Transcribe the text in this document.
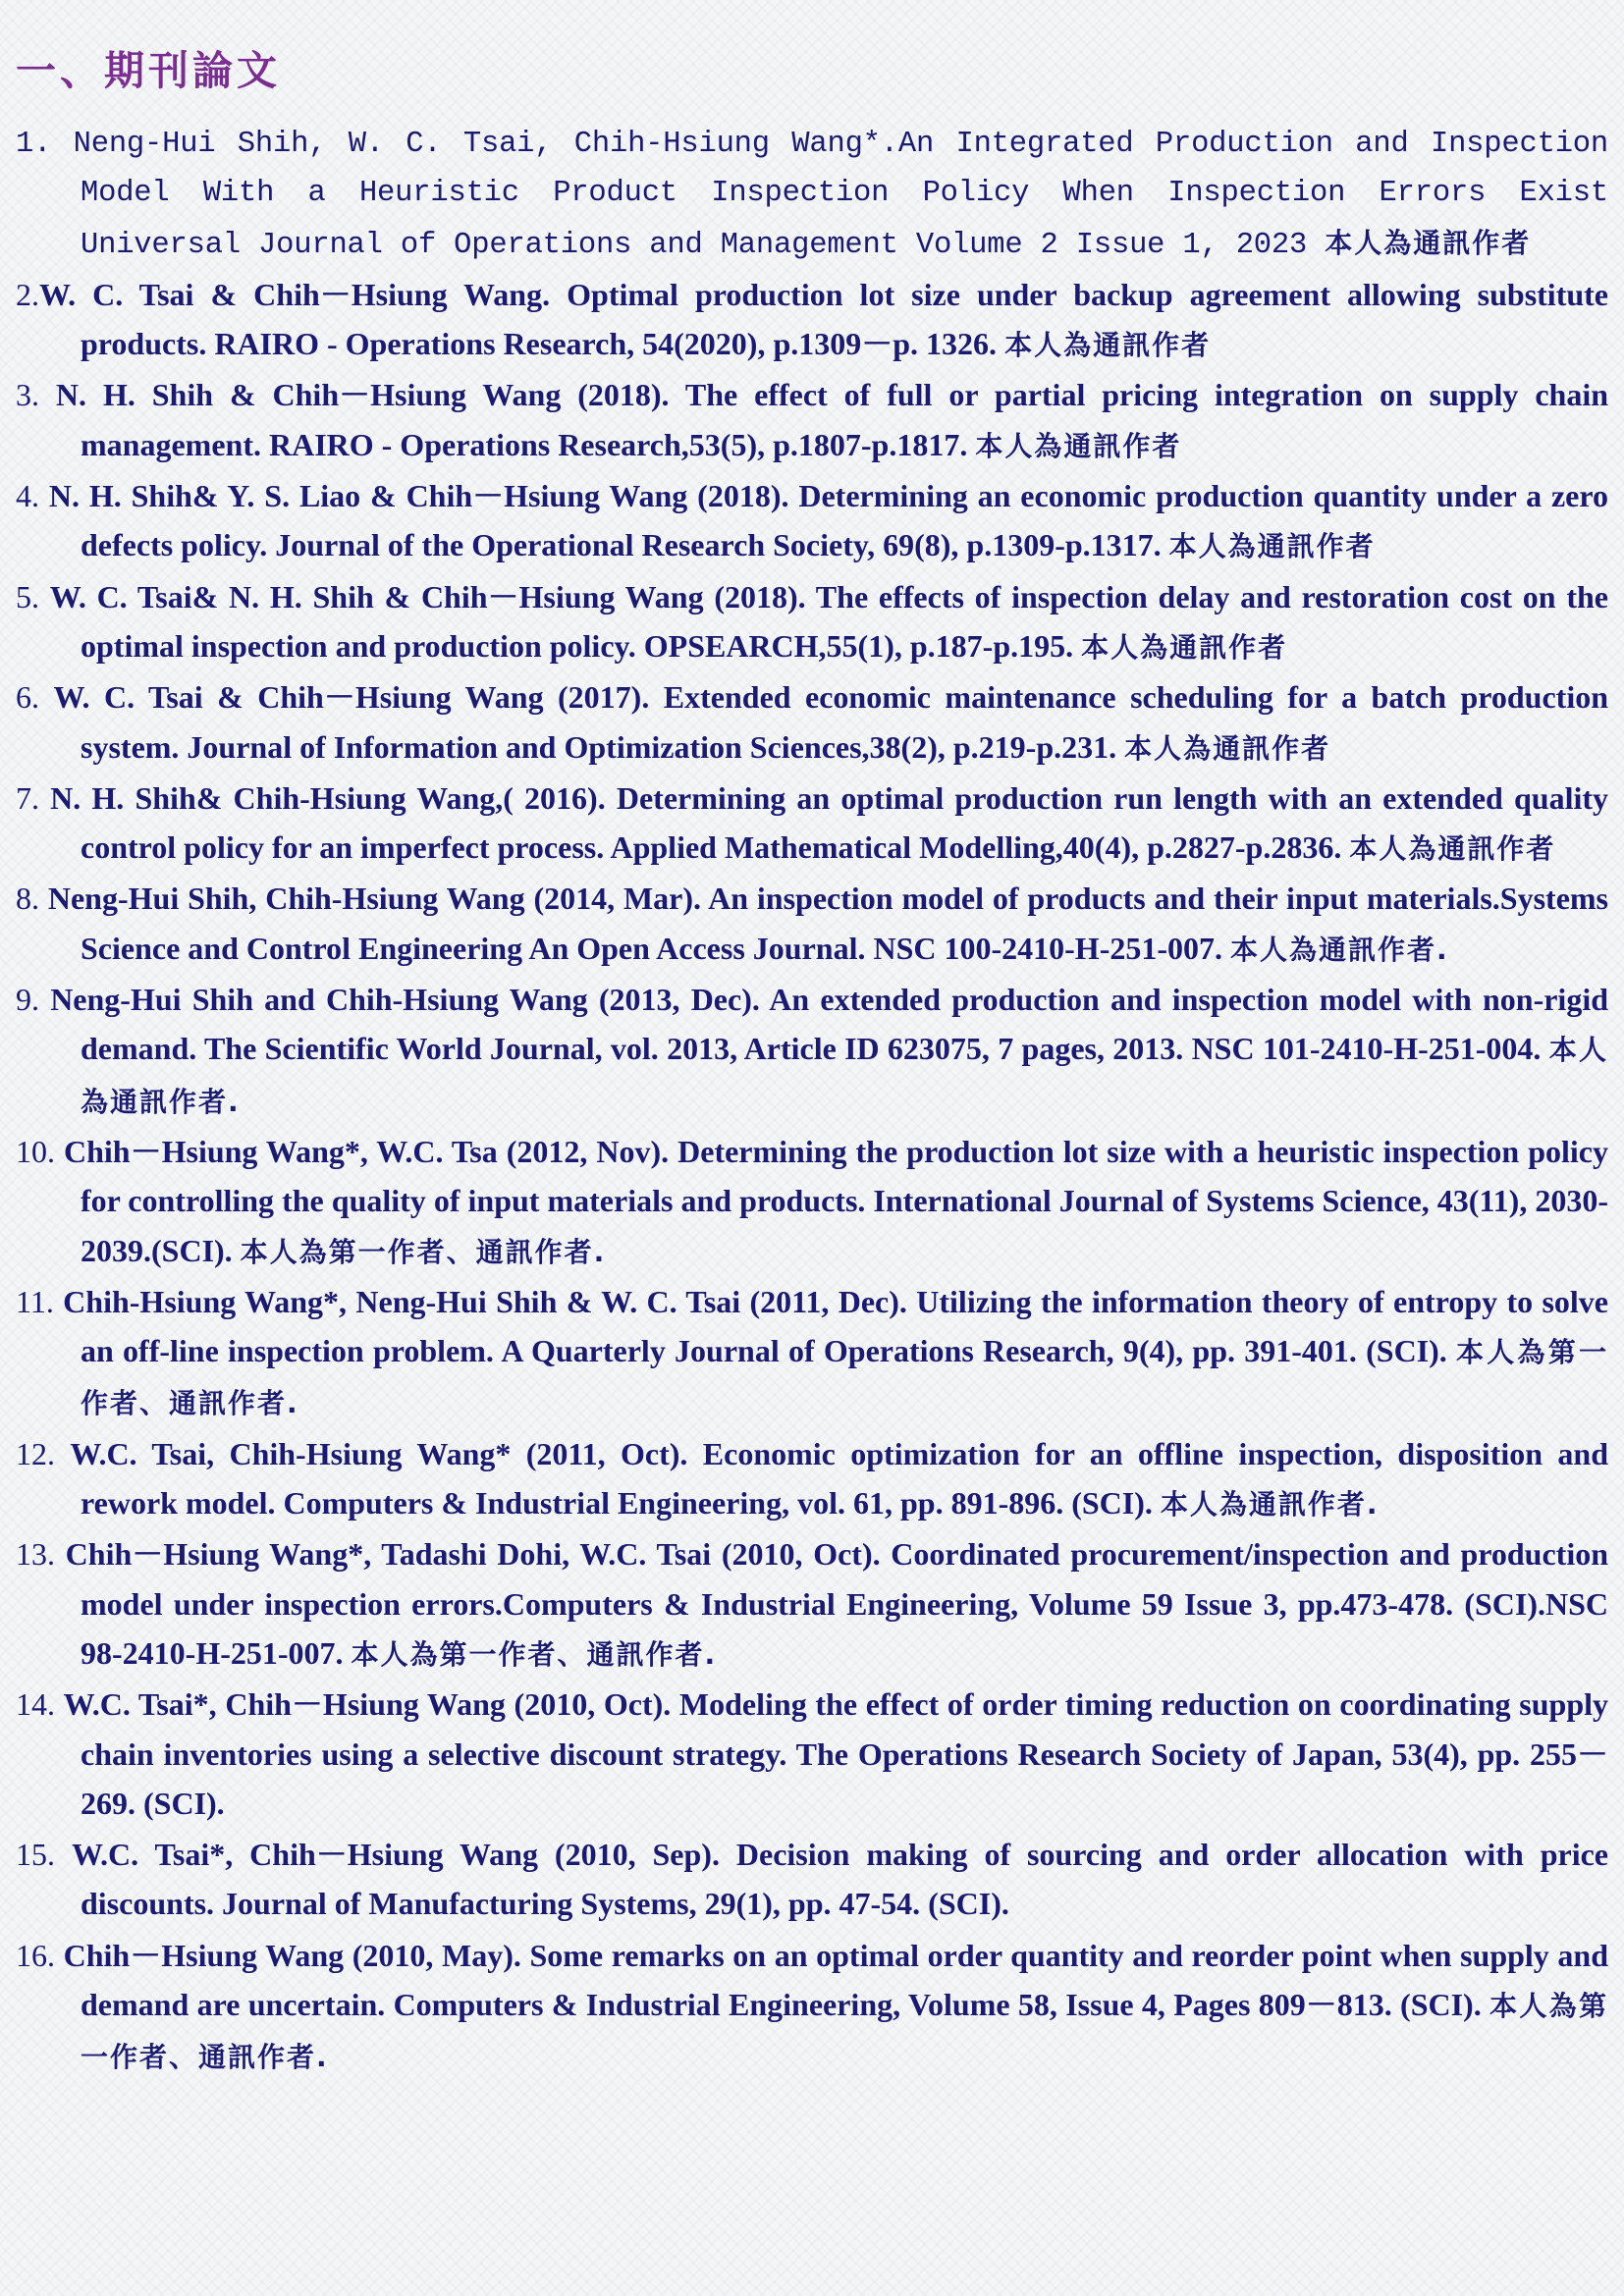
一、期刊論文
1. Neng-Hui Shih, W. C. Tsai, Chih-Hsiung Wang*.An Integrated Production and Inspection Model With a Heuristic Product Inspection Policy When Inspection Errors Exist Universal Journal of Operations and Management Volume 2 Issue 1, 2023 本人為通訊作者
2.W. C. Tsai & Chih－Hsiung Wang. Optimal production lot size under backup agreement allowing substitute products. RAIRO - Operations Research, 54(2020), p.1309－p. 1326. 本人為通訊作者
3. N. H. Shih & Chih－Hsiung Wang (2018). The effect of full or partial pricing integration on supply chain management. RAIRO - Operations Research,53(5), p.1807-p.1817. 本人為通訊作者
4. N. H. Shih& Y. S. Liao & Chih－Hsiung Wang (2018). Determining an economic production quantity under a zero defects policy. Journal of the Operational Research Society, 69(8), p.1309-p.1317. 本人為通訊作者
5. W. C. Tsai& N. H. Shih & Chih－Hsiung Wang (2018). The effects of inspection delay and restoration cost on the optimal inspection and production policy. OPSEARCH,55(1), p.187-p.195. 本人為通訊作者
6. W. C. Tsai & Chih－Hsiung Wang (2017). Extended economic maintenance scheduling for a batch production system. Journal of Information and Optimization Sciences,38(2), p.219-p.231. 本人為通訊作者
7. N. H. Shih& Chih-Hsiung Wang,( 2016). Determining an optimal production run length with an extended quality control policy for an imperfect process. Applied Mathematical Modelling,40(4), p.2827-p.2836. 本人為通訊作者
8. Neng-Hui Shih, Chih-Hsiung Wang (2014, Mar). An inspection model of products and their input materials.Systems Science and Control Engineering An Open Access Journal. NSC 100-2410-H-251-007. 本人為通訊作者.
9. Neng-Hui Shih and Chih-Hsiung Wang (2013, Dec). An extended production and inspection model with non-rigid demand. The Scientific World Journal, vol. 2013, Article ID 623075, 7 pages, 2013. NSC 101-2410-H-251-004. 本人為通訊作者.
10. Chih－Hsiung Wang*, W.C. Tsa (2012, Nov). Determining the production lot size with a heuristic inspection policy for controlling the quality of input materials and products. International Journal of Systems Science, 43(11), 2030-2039.(SCI). 本人為第一作者、通訊作者.
11. Chih-Hsiung Wang*, Neng-Hui Shih & W. C. Tsai (2011, Dec). Utilizing the information theory of entropy to solve an off-line inspection problem. A Quarterly Journal of Operations Research, 9(4), pp. 391-401. (SCI). 本人為第一作者、通訊作者.
12. W.C. Tsai, Chih-Hsiung Wang* (2011, Oct). Economic optimization for an offline inspection, disposition and rework model. Computers & Industrial Engineering, vol. 61, pp. 891-896. (SCI). 本人為通訊作者.
13. Chih－Hsiung Wang*, Tadashi Dohi, W.C. Tsai (2010, Oct). Coordinated procurement/inspection and production model under inspection errors.Computers & Industrial Engineering, Volume 59 Issue 3, pp.473-478. (SCI).NSC 98-2410-H-251-007. 本人為第一作者、通訊作者.
14. W.C. Tsai*, Chih－Hsiung Wang (2010, Oct). Modeling the effect of order timing reduction on coordinating supply chain inventories using a selective discount strategy. The Operations Research Society of Japan, 53(4), pp. 255－269. (SCI).
15. W.C. Tsai*, Chih－Hsiung Wang (2010, Sep). Decision making of sourcing and order allocation with price discounts. Journal of Manufacturing Systems, 29(1), pp. 47-54. (SCI).
16. Chih－Hsiung Wang (2010, May). Some remarks on an optimal order quantity and reorder point when supply and demand are uncertain. Computers & Industrial Engineering, Volume 58, Issue 4, Pages 809－813. (SCI). 本人為第一作者、通訊作者.
